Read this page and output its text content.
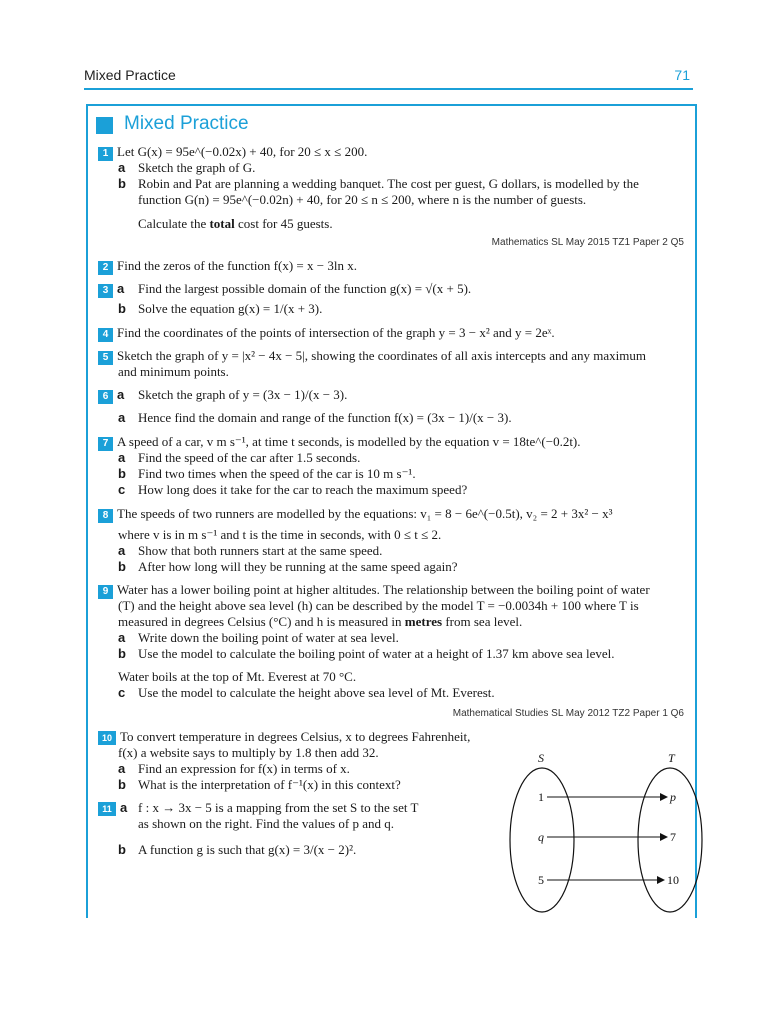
Mixed Practice	71
Mixed Practice
1 Let G(x) = 95e^(−0.02x) + 40, for 20 ≤ x ≤ 200.
a Sketch the graph of G.
b Robin and Pat are planning a wedding banquet. The cost per guest, G dollars, is modelled by the
function G(n) = 95e^(−0.02n) + 40, for 20 ≤ n ≤ 200, where n is the number of guests.
Calculate the total cost for 45 guests.
Mathematics SL May 2015 TZ1 Paper 2 Q5
2 Find the zeros of the function f(x) = x − 3ln x.
3 a Find the largest possible domain of the function g(x) = √(x + 5).
b Solve the equation g(x) = 1/(x + 3).
4 Find the coordinates of the points of intersection of the graph y = 3 − x² and y = 2eˣ.
5 Sketch the graph of y = |x² − 4x − 5|, showing the coordinates of all axis intercepts and any maximum
and minimum points.
6 a Sketch the graph of y = (3x − 1)/(x − 3).
a Hence find the domain and range of the function f(x) = (3x − 1)/(x − 3).
7 A speed of a car, v m s⁻¹, at time t seconds, is modelled by the equation v = 18te^(−0.2t).
a Find the speed of the car after 1.5 seconds.
b Find two times when the speed of the car is 10 m s⁻¹.
c How long does it take for the car to reach the maximum speed?
8 The speeds of two runners are modelled by the equations: v₁ = 8 − 6e^(−0.5t), v₂ = 2 + 3x² − x³
where v is in m s⁻¹ and t is the time in seconds, with 0 ≤ t ≤ 2.
a Show that both runners start at the same speed.
b After how long will they be running at the same speed again?
9 Water has a lower boiling point at higher altitudes. The relationship between the boiling point of water
(T) and the height above sea level (h) can be described by the model T = −0.0034h + 100 where T is
measured in degrees Celsius (°C) and h is measured in metres from sea level.
a Write down the boiling point of water at sea level.
b Use the model to calculate the boiling point of water at a height of 1.37 km above sea level.
Water boils at the top of Mt. Everest at 70 °C.
c Use the model to calculate the height above sea level of Mt. Everest.
Mathematical Studies SL May 2012 TZ2 Paper 1 Q6
10 To convert temperature in degrees Celsius, x to degrees Fahrenheit,
f(x) a website says to multiply by 1.8 then add 32.
a Find an expression for f(x) in terms of x.
b What is the interpretation of f⁻¹(x) in this context?
11 a f : x → 3x − 5 is a mapping from the set S to the set T
as shown on the right. Find the values of p and q.
b A function g is such that g(x) = 3/(x − 2)².
S	T
1
q
5
p
7
10
